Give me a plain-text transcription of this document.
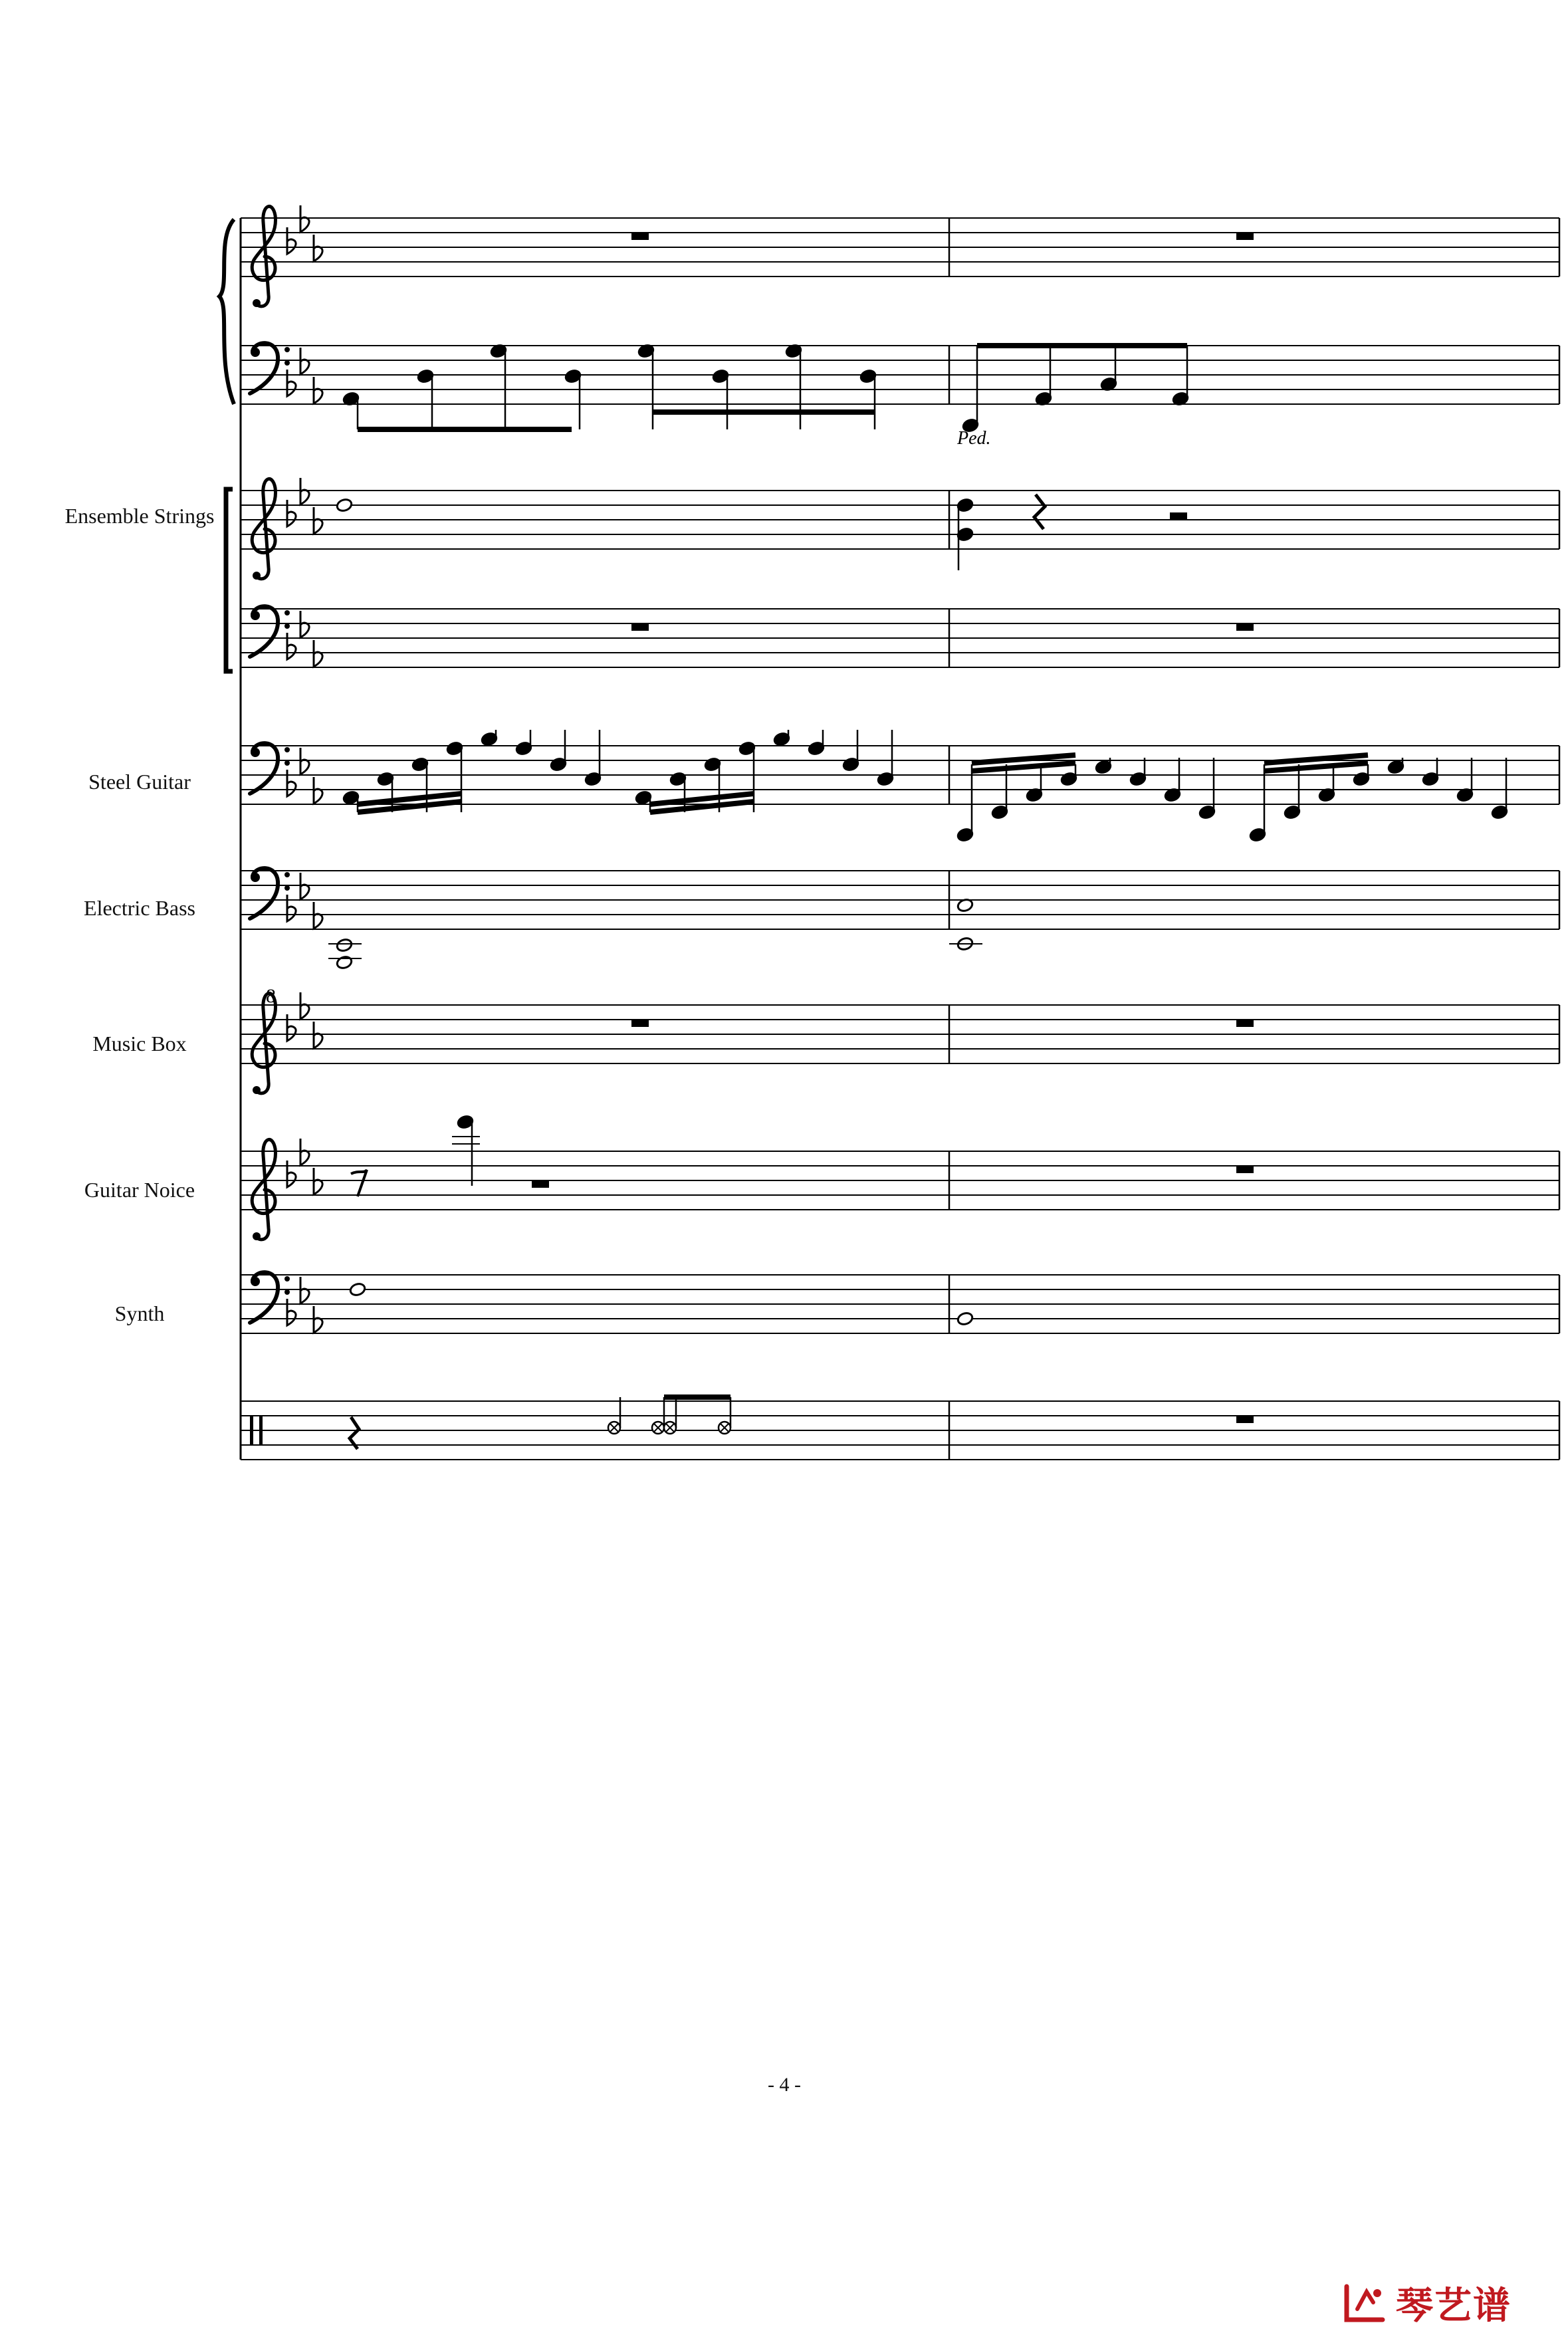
8
Ped.
Ensemble Strings
Steel Guitar
Electric Bass
Music Box
Guitar Noice
Synth
- 4 -
琴艺谱
